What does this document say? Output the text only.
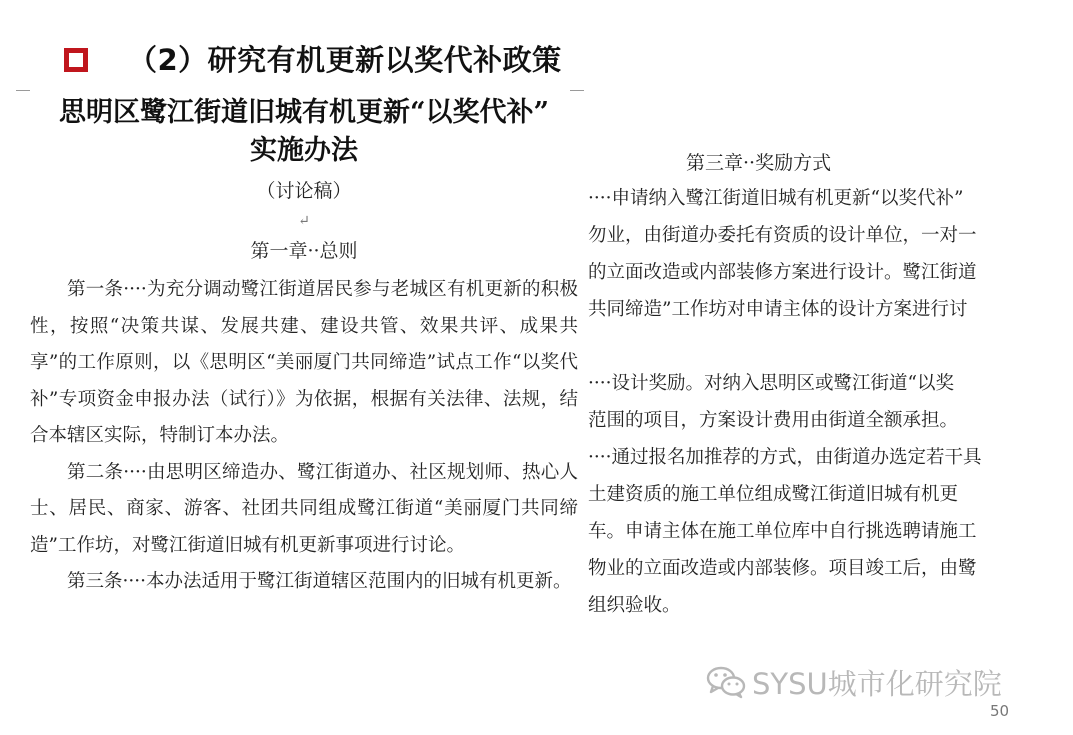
（2）研究有机更新以奖代补政策
思明区鹭江街道旧城有机更新“以奖代补”
实施办法

（讨论稿）

↵

第一章··总则

第一条····为充分调动鹭江街道居民参与老城区有机更新的积极性，按照“决策共谋、发展共建、建设共管、效果共评、成果共享”的工作原则，以《思明区“美丽厦门共同缔造”试点工作“以奖代补”专项资金申报办法（试行）》为依据，根据有关法律、法规，结合本辖区实际，特制订本办法。

第二条····由思明区缔造办、鹭江街道办、社区规划师、热心人士、居民、商家、游客、社团共同组成鹭江街道“美丽厦门共同缔造”工作坊，对鹭江街道旧城有机更新事项进行讨论。

第三条····本办法适用于鹭江街道辖区范围内的旧城有机更新。

第三章··奖励方式

····申请纳入鹭江街道旧城有机更新“以奖代补”

勿业，由街道办委托有资质的设计单位，一对一

的立面改造或内部装修方案进行设计。鹭江街道

共同缔造”工作坊对申请主体的设计方案进行讨

····设计奖励。对纳入思明区或鹭江街道“以奖

范围的项目，方案设计费用由街道全额承担。

····通过报名加推荐的方式，由街道办选定若干具

土建资质的施工单位组成鹭江街道旧城有机更

车。申请主体在施工单位库中自行挑选聘请施工

物业的立面改造或内部装修。项目竣工后，由鹭

组织验收。

SYSU城市化研究院
50
